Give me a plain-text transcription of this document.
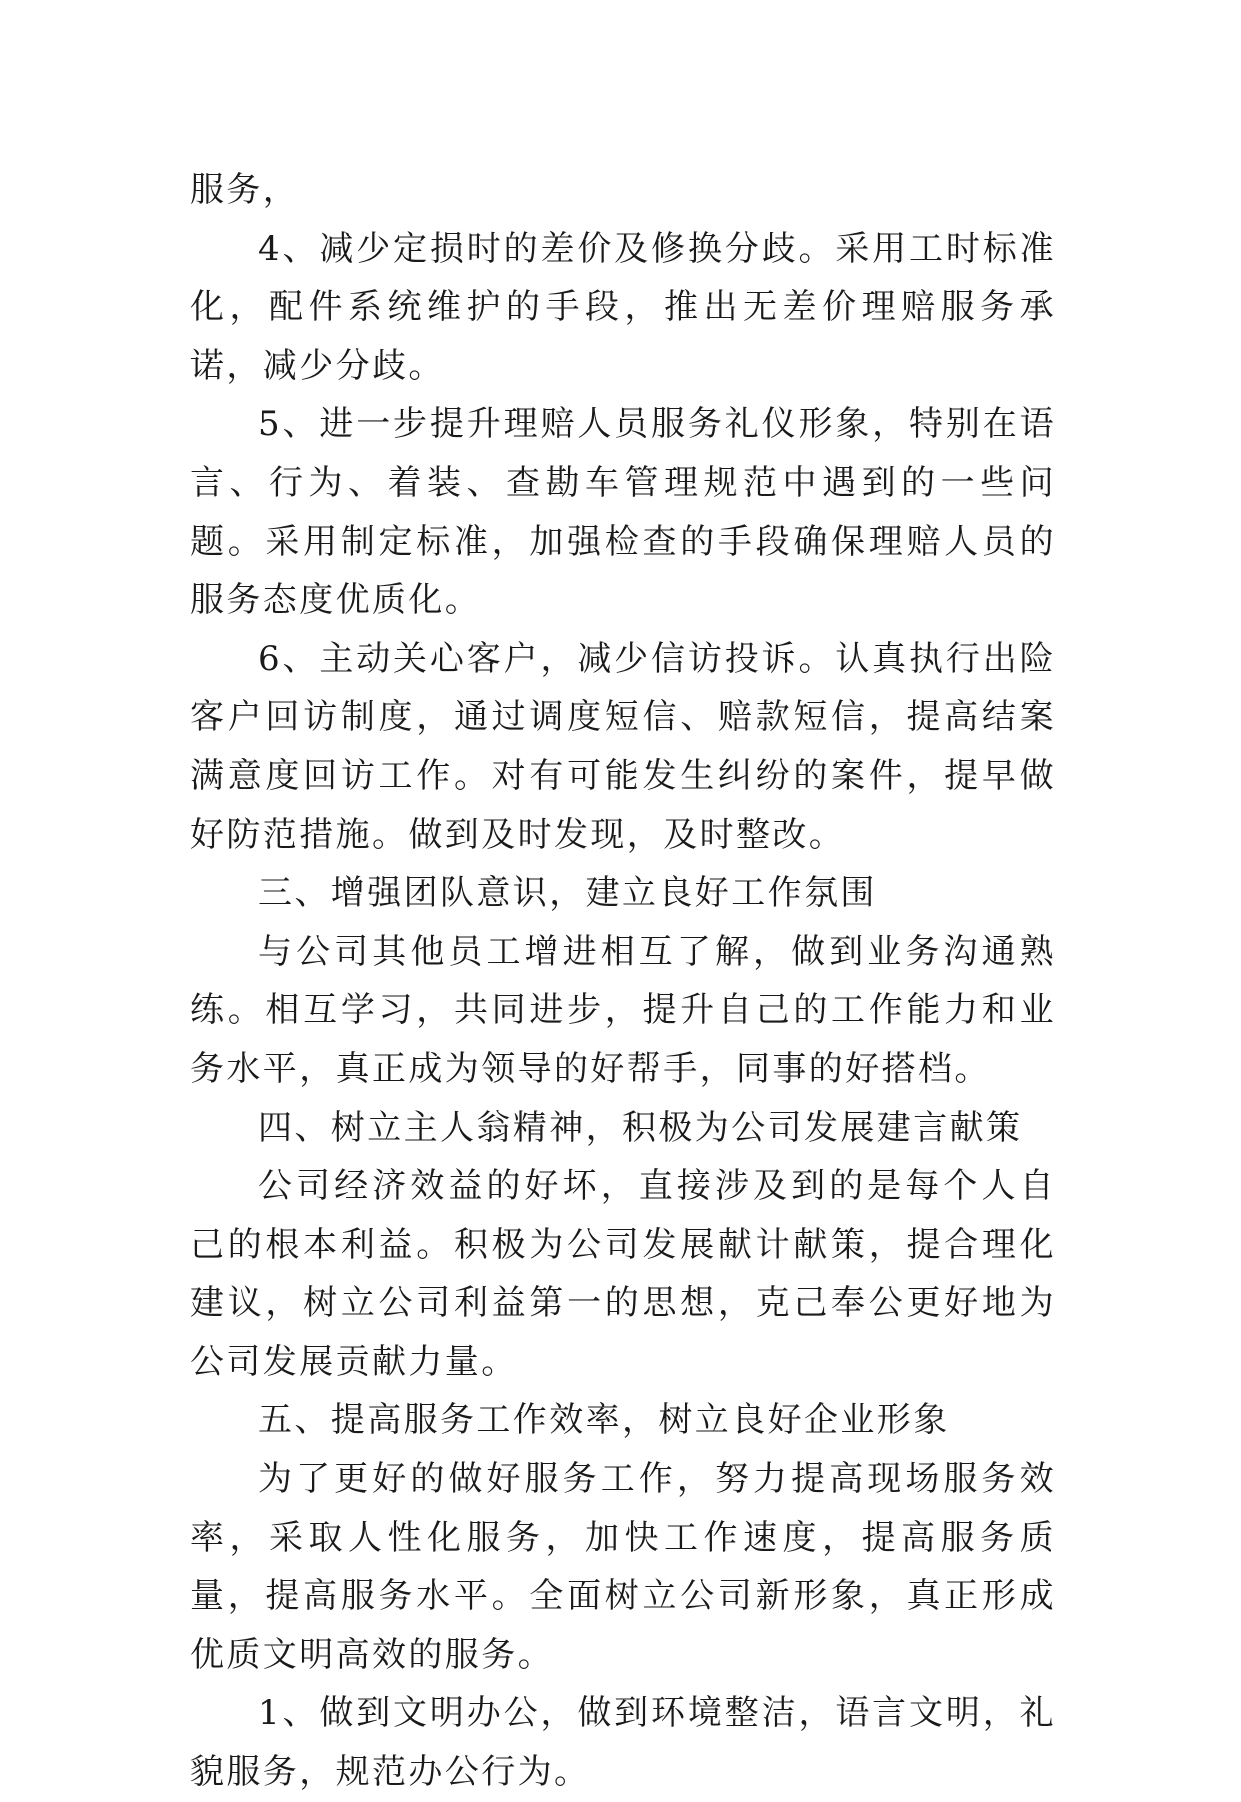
服务，

4、减少定损时的差价及修换分歧。采用工时标准化，配件系统维护的手段，推出无差价理赔服务承诺，减少分歧。

5、进一步提升理赔人员服务礼仪形象，特别在语言、行为、着装、查勘车管理规范中遇到的一些问题。采用制定标准，加强检查的手段确保理赔人员的服务态度优质化。

6、主动关心客户，减少信访投诉。认真执行出险客户回访制度，通过调度短信、赔款短信，提高结案满意度回访工作。对有可能发生纠纷的案件，提早做好防范措施。做到及时发现，及时整改。

三、增强团队意识，建立良好工作氛围

与公司其他员工增进相互了解，做到业务沟通熟练。相互学习，共同进步，提升自己的工作能力和业务水平，真正成为领导的好帮手，同事的好搭档。

四、树立主人翁精神，积极为公司发展建言献策

公司经济效益的好坏，直接涉及到的是每个人自己的根本利益。积极为公司发展献计献策，提合理化建议，树立公司利益第一的思想，克己奉公更好地为公司发展贡献力量。

五、提高服务工作效率，树立良好企业形象

为了更好的做好服务工作，努力提高现场服务效率，采取人性化服务，加快工作速度，提高服务质量，提高服务水平。全面树立公司新形象，真正形成优质文明高效的服务。

1、做到文明办公，做到环境整洁，语言文明，礼貌服务，规范办公行为。
